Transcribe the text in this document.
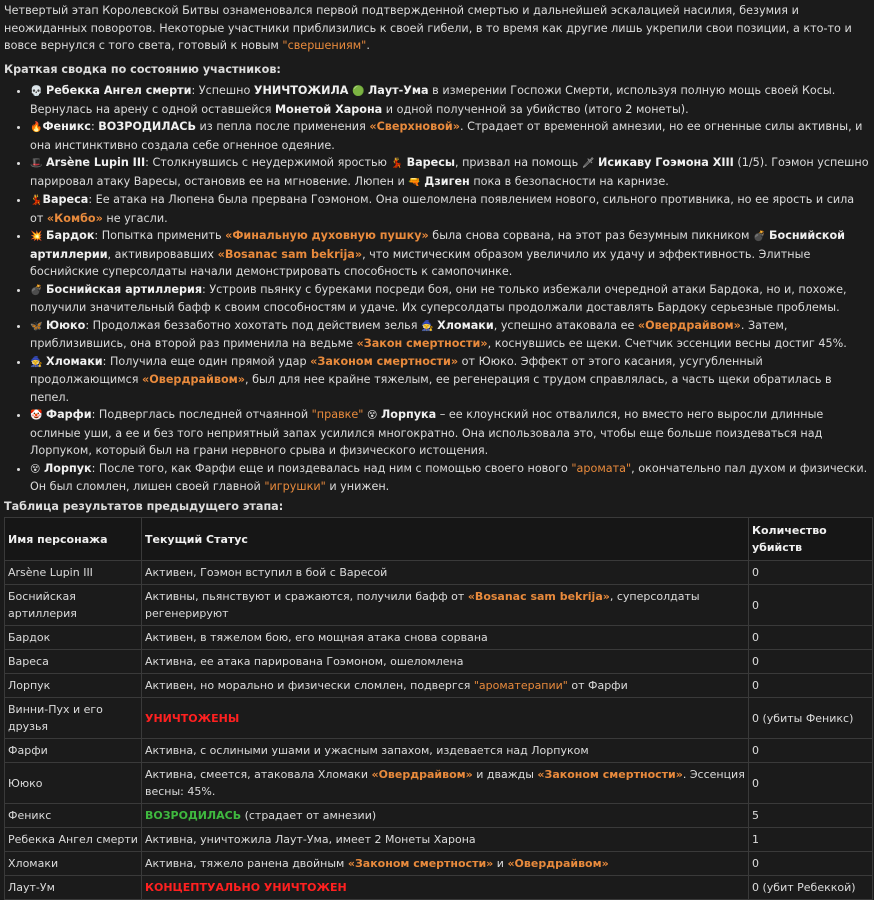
Четвертый этап Королевской Битвы ознаменовался первой подтвержденной смертью и дальнейшей эскалацией насилия, безумия и неожиданных поворотов. Некоторые участники приблизились к своей гибели, в то время как другие лишь укрепили свои позиции, а кто-то и вовсе вернулся с того света, готовый к новым "свершениям".

Краткая сводка по состоянию участников:

• 💀 Ребекка Ангел смерти: Успешно УНИЧТОЖИЛА 🟢 Лаут-Ума в измерении Госпожи Смерти, используя полную мощь своей Косы. Вернулась на арену с одной оставшейся Монетой Харона и одной полученной за убийство (итого 2 монеты).
• 🔥Феникс: ВОЗРОДИЛАСЬ из пепла после применения «Сверхновой». Страдает от временной амнезии, но ее огненные силы активны, и она инстинктивно создала себе огненное одеяние.
• 🎩 Arsène Lupin III: Столкнувшись с неудержимой яростью 💃 Варесы, призвал на помощь 🗡 Исикаву Гоэмона XIII (1/5). Гоэмон успешно парировал атаку Варесы, остановив ее на мгновение. Люпен и 🔫 Дзиген пока в безопасности на карнизе.
• 💃Вареса: Ее атака на Люпена была прервана Гоэмоном. Она ошеломлена появлением нового, сильного противника, но ее ярость и сила от «Комбо» не угасли.
• 💥 Бардок: Попытка применить «Финальную духовную пушку» была снова сорвана, на этот раз безумным пикником 💣 Боснийской артиллерии, активировавших «Bosanac sam bekrija», что мистическим образом увеличило их удачу и эффективность. Элитные боснийские суперсолдаты начали демонстрировать способность к самопочинке.
• 💣 Боснийская артиллерия: Устроив пьянку с буреками посреди боя, они не только избежали очередной атаки Бардока, но и, похоже, получили значительный бафф к своим способностям и удаче. Их суперсолдаты продолжали доставлять Бардоку серьезные проблемы.
• 🦋 Ююко: Продолжая беззаботно хохотать под действием зелья 🧙 Хломаки, успешно атаковала ее «Овердрайвом». Затем, приблизившись, она второй раз применила на ведьме «Закон смертности», коснувшись ее щеки. Счетчик эссенции весны достиг 45%.
• 🧙 Хломаки: Получила еще один прямой удар «Законом смертности» от Ююко. Эффект от этого касания, усугубленный продолжающимся «Овердрайвом», был для нее крайне тяжелым, ее регенерация с трудом справлялась, а часть щеки обратилась в пепел.
• 🤡 Фарфи: Подверглась последней отчаянной "правке" 😵 Лорпука – ее клоунский нос отвалился, но вместо него выросли длинные ослиные уши, а ее и без того неприятный запах усилился многократно. Она использовала это, чтобы еще больше поиздеваться над Лорпуком, который был на грани нервного срыва и физического истощения.
• 😵 Лорпук: После того, как Фарфи еще и поиздевалась над ним с помощью своего нового "аромата", окончательно пал духом и физически. Он был сломлен, лишен своей главной "игрушки" и унижен.

Таблица результатов предыдущего этапа:

Имя персонажа	Текущий Статус	Количество убийств
Arsène Lupin III	Активен, Гоэмон вступил в бой с Варесой	0
Боснийская артиллерия	Активны, пьянствуют и сражаются, получили бафф от «Bosanac sam bekrija», суперсолдаты регенерируют	0
Бардок	Активен, в тяжелом бою, его мощная атака снова сорвана	0
Вареса	Активна, ее атака парирована Гоэмоном, ошеломлена	0
Лорпук	Активен, но морально и физически сломлен, подвергся "ароматерапии" от Фарфи	0
Винни-Пух и его друзья	УНИЧТОЖЕНЫ	0 (убиты Феникс)
Фарфи	Активна, с ослиными ушами и ужасным запахом, издевается над Лорпуком	0
Ююко	Активна, смеется, атаковала Хломаки «Овердрайвом» и дважды «Законом смертности». Эссенция весны: 45%.	0
Феникс	ВОЗРОДИЛАСЬ (страдает от амнезии)	5
Ребекка Ангел смерти	Активна, уничтожила Лаут-Ума, имеет 2 Монеты Харона	1
Хломаки	Активна, тяжело ранена двойным «Законом смертности» и «Овердрайвом»	0
Лаут-Ум	КОНЦЕПТУАЛЬНО УНИЧТОЖЕН	0 (убит Ребеккой)
